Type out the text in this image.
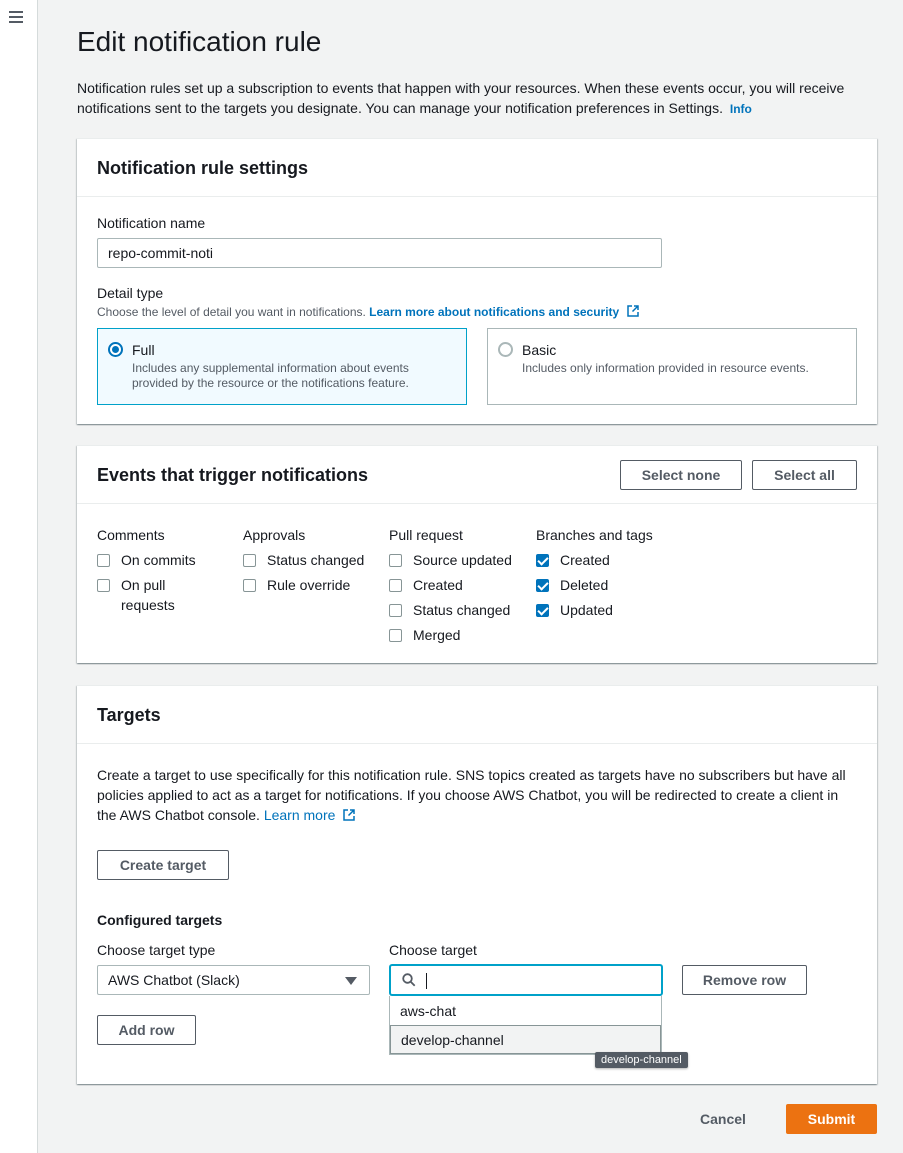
Edit notification rule
Notification rules set up a subscription to events that happen with your resources. When these events occur, you will receive notifications sent to the targets you designate. You can manage your notification preferences in Settings. Info
Notification rule settings
Notification name
repo-commit-noti
Detail type
Choose the level of detail you want in notifications. Learn more about notifications and security
Full
Includes any supplemental information about events provided by the resource or the notifications feature.
Basic
Includes only information provided in resource events.
Events that trigger notifications	Select none	Select all
Comments
On commits
On pull requests
Approvals
Status changed
Rule override
Pull request
Source updated
Created
Status changed
Merged
Branches and tags
Created
Deleted
Updated
Targets
Create a target to use specifically for this notification rule. SNS topics created as targets have no subscribers but have all policies applied to act as a target for notifications. If you choose AWS Chatbot, you will be redirected to create a client in the AWS Chatbot console. Learn more
Create target
Configured targets
Choose target type
AWS Chatbot (Slack)
Choose target
Remove row
Add row
aws-chat
develop-channel
develop-channel
Cancel	Submit
